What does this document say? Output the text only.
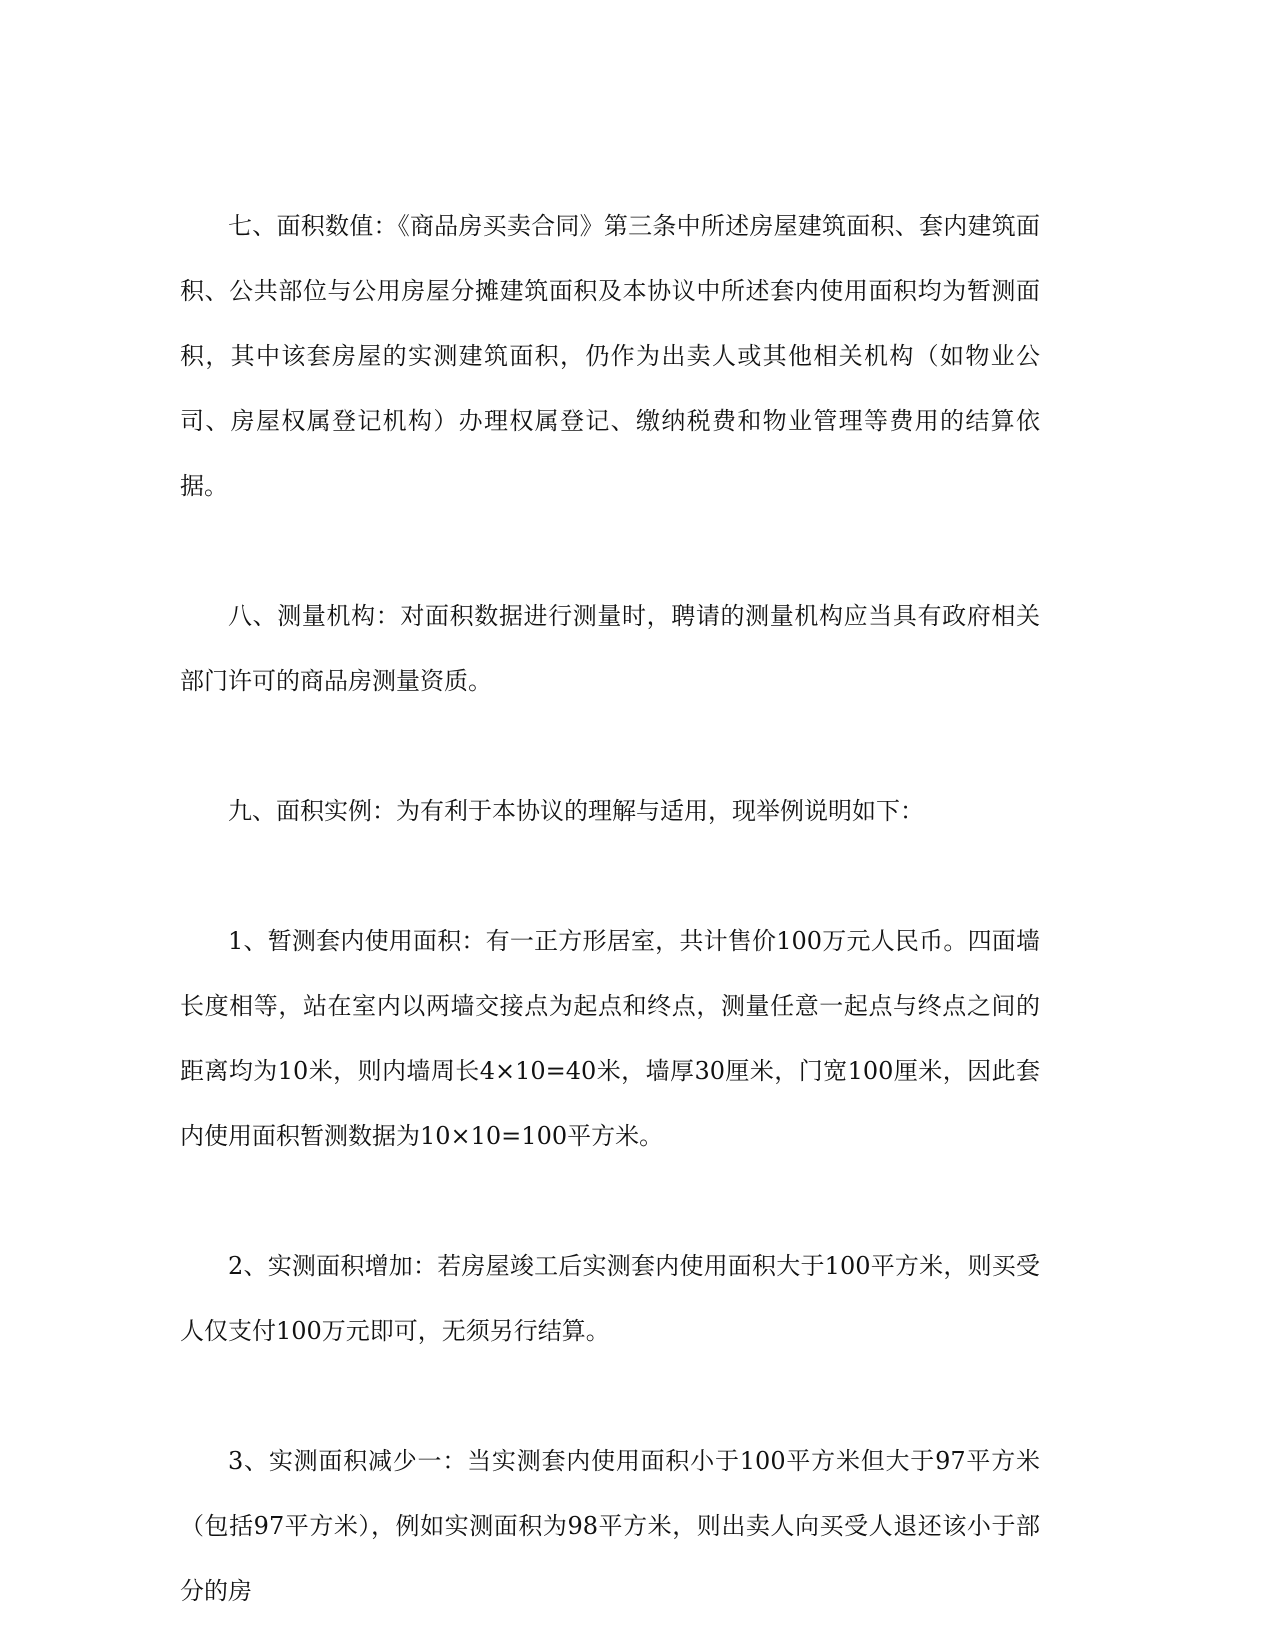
七、面积数值：《商品房买卖合同》第三条中所述房屋建筑面积、套内建筑面积、公共部位与公用房屋分摊建筑面积及本协议中所述套内使用面积均为暂测面积，其中该套房屋的实测建筑面积，仍作为出卖人或其他相关机构（如物业公司、房屋权属登记机构）办理权属登记、缴纳税费和物业管理等费用的结算依据。

八、测量机构：对面积数据进行测量时，聘请的测量机构应当具有政府相关部门许可的商品房测量资质。

九、面积实例：为有利于本协议的理解与适用，现举例说明如下：

1、暂测套内使用面积：有一正方形居室，共计售价100万元人民币。四面墙长度相等，站在室内以两墙交接点为起点和终点，测量任意一起点与终点之间的距离均为10米，则内墙周长4×10=40米，墙厚30厘米，门宽100厘米，因此套内使用面积暂测数据为10×10=100平方米。

2、实测面积增加：若房屋竣工后实测套内使用面积大于100平方米，则买受人仅支付100万元即可，无须另行结算。

3、实测面积减少一：当实测套内使用面积小于100平方米但大于97平方米（包括97平方米），例如实测面积为98平方米，则出卖人向买受人退还该小于部分的房
